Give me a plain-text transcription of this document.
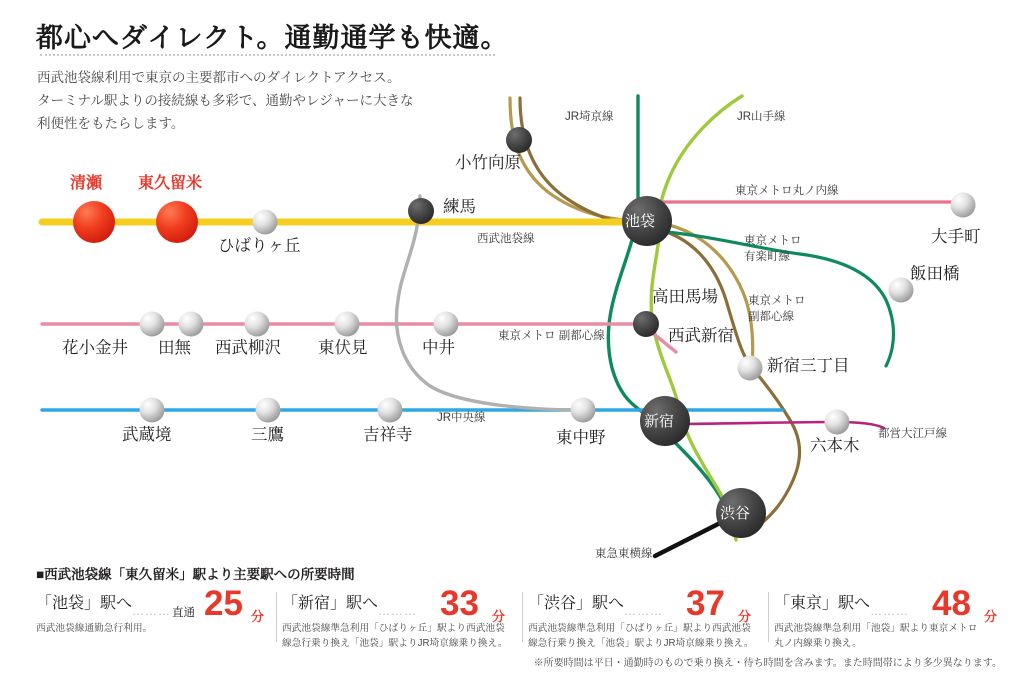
都心へダイレクト。通勤通学も快適。
西武池袋線利用で東京の主要都市へのダイレクトアクセス。
ターミナル駅よりの接続線も多彩で、通勤やレジャーに大きな
利便性をもたらします。
清瀬 東久留米
ひばりヶ丘
練馬
小竹向原
池袋
大手町
飯田橋
高田馬場
西武新宿
新宿三丁目
花小金井 田無 西武柳沢 東伏見	中井
武蔵境	三鷹	吉祥寺	東中野
新宿
六本木
渋谷
JR埼京線	JR山手線
東京メトロ丸ノ内線
西武池袋線	東京メトロ
有楽町線
東京メトロ
副都心線
東京メトロ 副都心線
JR中央線
都営大江戸線
東急東横線
■西武池袋線「東久留米」駅より主要駅への所要時間
「池袋」駅へ ……… 直通 25 分
西武池袋線通勤急行利用。
「新宿」駅へ ……… 33 分
西武池袋線準急利用「ひばりヶ丘」駅より西武池袋
線急行乗り換え「池袋」駅よりJR埼京線乗り換え。
「渋谷」駅へ ……… 37 分
西武池袋線準急利用「ひばりヶ丘」駅より西武池袋
線急行乗り換え「池袋」駅よりJR埼京線乗り換え。
「東京」駅へ ……… 48 分
西武池袋線準急利用「池袋」駅より東京メトロ
丸ノ内線乗り換え。
※所要時間は平日・通勤時のもので乗り換え・待ち時間を含みます。また時間帯により多少異なります。
